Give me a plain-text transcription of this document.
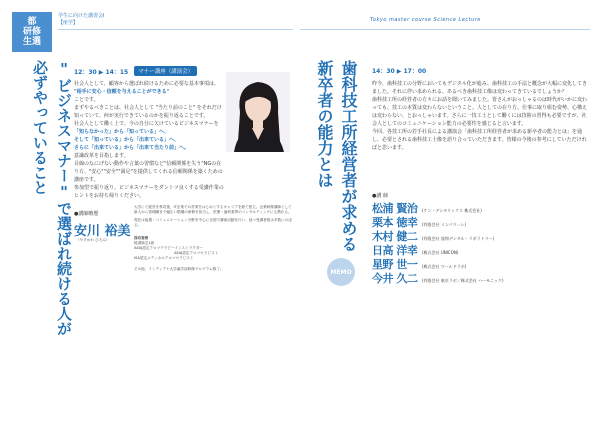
都
研修
生選
学生に向けた講習会Ⅰ
【座学】	Tokyo master course Science Lecture
"ビジネスマナー"で選ばれ続ける人が
必ずやっていること	12：30 ▶ 14：15	マナー講座（講演会）

社会人として、顧客から選ばれ続けるために必要な基本事項は、

"相手に安心・信頼を与えることができる"

ことです。

まずやるべきことは、社会人として "当たり前のこと" をそれだけ知っていて、何が実行できているのかを振り返ることです。

社会人として働く上で、今の自分に欠けているビジネスマナーを

「知らなかった」から「知っている」へ、

そして「知っている」から「出来ている」へ、

さらに「出来ている」から「出来て当たり前」へ。

意識改革を目指します。

目線のなにげない動作や言葉の習慣など"信頼関係を失う"NGの在り方、"安心""安全""満足"を提供してくれる信頼関係を築くための講座です。

参加型で振り返り、ビジネスマナーをダントツ良くする受講作業のヒントをお持ち帰りください。

●講師略歴
安川 裕美
（やすかわ ひろみ）
大学にて経営を専攻後、IT企業での営業をはじめとするキャリアを経て独立。企業研修講師として新人から管理職まで幅広い階層の研修を担当し、医療・歯科業界のコンサルティングにも携わる。
現在は接遇・コミュニケーション分野を中心に全国で講演活動を行い、延べ受講者数は多数にのぼる。
保有資格
秘書検定1級
AEAJ認定アロマテラピーインストラクター
AEAJ認定アロマセラピスト
ISA認定メディカルアロマセラピスト
その他、インディアナ大学歯学部研修プログラム修了。
歯科技工所経営者が求める
新卒者の能力とは
MEMO
14：30 ▶ 17：00

昨今、歯科技工の分野においてもデジタル化が進み、歯科技工の手法と概念が大幅に変化してきました。それに伴い求められる、あるべき歯科技工像は変わってきているでしょうか？

歯科技工所の経営者の方々にお話を聞いてみました。皆さんがおっしゃるのは時代がいかに変わっても、技工の本質は変わらないということ。人としての在り方、仕事に取り組む姿勢、心構えは変わらない、とおっしゃいます。さらに一技工士として働くには技術の習得も必要ですが、社会人としてのコミュニケーション能力の必要性を感じると言います。

今回、各技工所の若手社長による講演会「歯科技工所経営者が求める新卒者の能力とは」を通し、必要とされる歯科技工士像を語り合っていただきます。皆様の今後の参考にしていただければと思います。

●講 師
松浦 賢治	(ケン・デンタリックス 株式会社)
栗本 徳幸	(有限会社 インパラ＝レ)
木村 健二	(有限会社 協和デンタル・ラボラトリー)
日高 洋幸	(株式会社 UNICON)
星野 世一	(株式会社 ワールドラボ)
今井 久二	(有限会社 東京ラボ／株式会社 ハーモニック)
